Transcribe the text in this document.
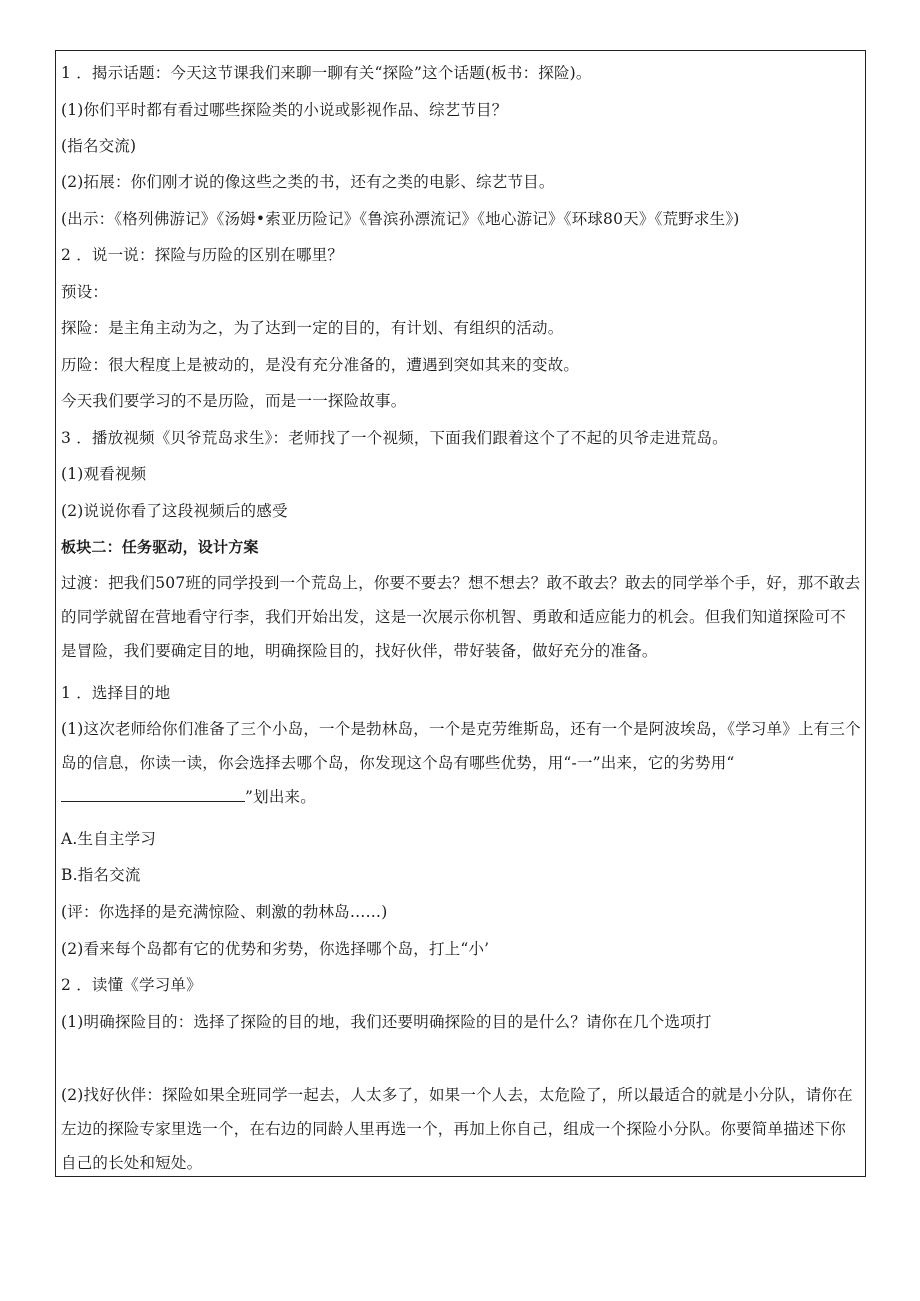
1 ．揭示话题：今天这节课我们来聊一聊有关“探险”这个话题(板书：探险)。
(1)你们平时都有看过哪些探险类的小说或影视作品、综艺节目？
(指名交流)
(2)拓展：你们刚才说的像这些之类的书，还有之类的电影、综艺节目。
(出示：《格列佛游记》《汤姆•索亚历险记》《鲁滨孙漂流记》《地心游记》《环球80天》《荒野求生》)
2 ．说一说：探险与历险的区别在哪里？
预设：
探险：是主角主动为之，为了达到一定的目的，有计划、有组织的活动。
历险：很大程度上是被动的，是没有充分准备的，遭遇到突如其来的变故。
今天我们要学习的不是历险，而是一一探险故事。
3 ．播放视频《贝爷荒岛求生》：老师找了一个视频，下面我们跟着这个了不起的贝爷走进荒岛。
(1)观看视频
(2)说说你看了这段视频后的感受
板块二：任务驱动，设计方案
过渡：把我们507班的同学投到一个荒岛上，你要不要去？想不想去？敢不敢去？敢去的同学举个手，好，那不敢去的同学就留在营地看守行李，我们开始出发，这是一次展示你机智、勇敢和适应能力的机会。但我们知道探险可不是冒险，我们要确定目的地，明确探险目的，找好伙伴，带好装备，做好充分的准备。
1 ．选择目的地
(1)这次老师给你们准备了三个小岛，一个是勃林岛，一个是克劳维斯岛，还有一个是阿波埃岛，《学习单》上有三个岛的信息，你读一读，你会选择去哪个岛，你发现这个岛有哪些优势，用“-一”出来，它的劣势用“”划出来。
A.生自主学习
B.指名交流
(评：你选择的是充满惊险、刺激的勃林岛……)
(2)看来每个岛都有它的优势和劣势，你选择哪个岛，打上“小’
2 ．读懂《学习单》
(1)明确探险目的：选择了探险的目的地，我们还要明确探险的目的是什么？请你在几个选项打
(2)找好伙伴：探险如果全班同学一起去，人太多了，如果一个人去，太危险了，所以最适合的就是小分队，请你在左边的探险专家里选一个，在右边的同龄人里再选一个，再加上你自己，组成一个探险小分队。你要简单描述下你自己的长处和短处。
